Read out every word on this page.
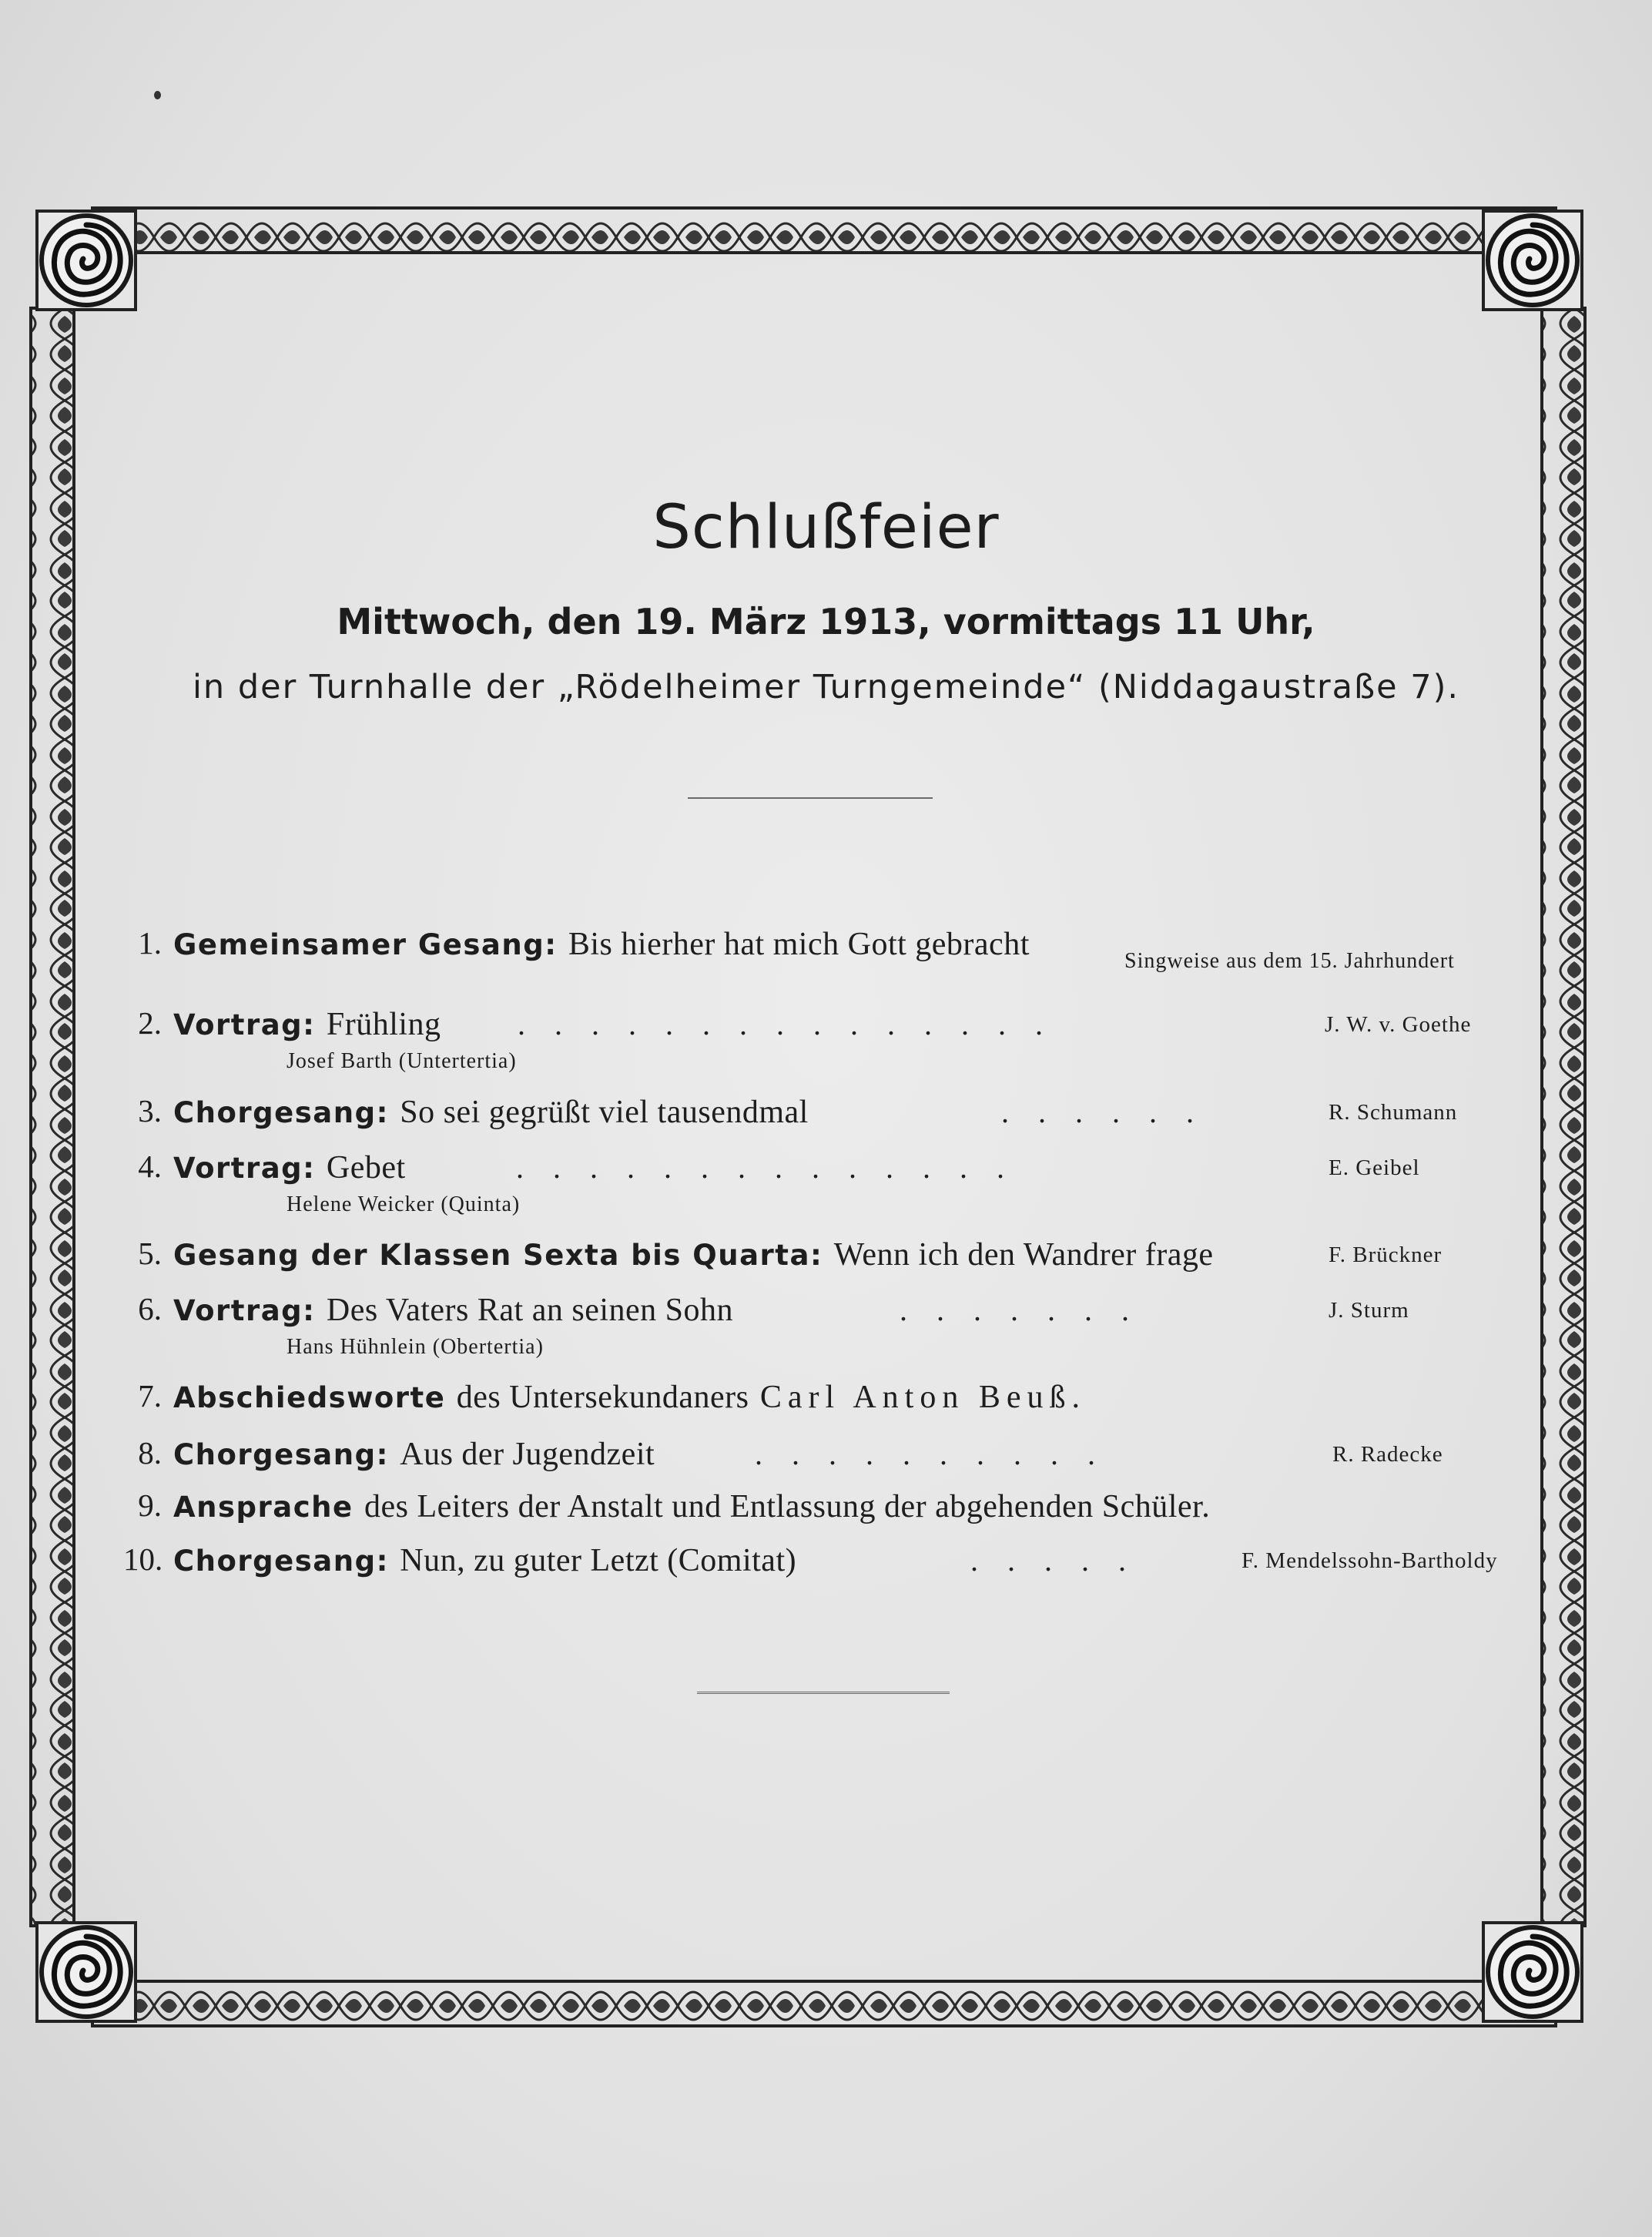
Schlußfeier
Mittwoch, den 19. März 1913, vormittags 11 Uhr,
in der Turnhalle der „Rödelheimer Turngemeinde“ (Niddagaustraße 7).
1. Gemeinsamer Gesang: Bis hierher hat mich Gott gebracht	Singweise aus dem 15. Jahrhundert
2. Vortrag: Frühling ...............	J. W. v. Goethe
Josef Barth (Untertertia)
3. Chorgesang: So sei gegrüßt viel tausendmal	......	R. Schumann
4. Vortrag: Gebet	..............	E. Geibel
Helene Weicker (Quinta)
5. Gesang der Klassen Sexta bis Quarta: Wenn ich den Wandrer frage	F. Brückner
6. Vortrag: Des Vaters Rat an seinen Sohn	.......	J. Sturm
Hans Hühnlein (Obertertia)
7. Abschiedsworte des Untersekundaners Carl Anton Beuß.
8. Chorgesang: Aus der Jugendzeit	..........	R. Radecke
9. Ansprache des Leiters der Anstalt und Entlassung der abgehenden Schüler.
10. Chorgesang: Nun, zu guter Letzt (Comitat)	.....	F. Mendelssohn-Bartholdy
